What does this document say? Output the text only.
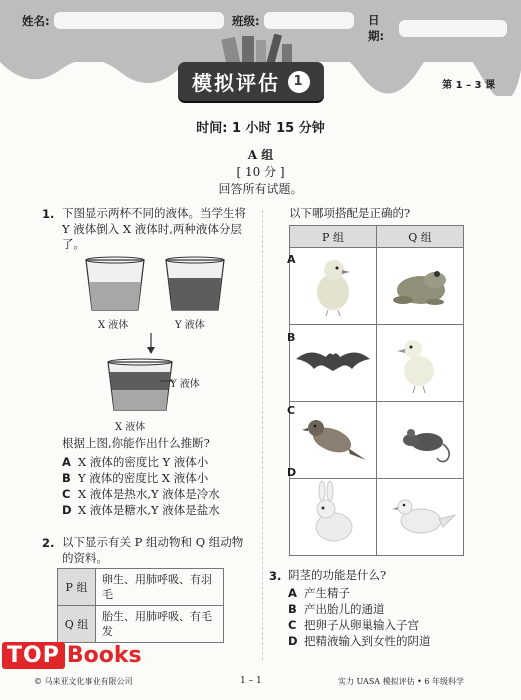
姓名:	班级:	日期:
模拟评估	1	第 1 – 3 课
时间: 1 小时 15 分钟
A 组
[ 10 分 ]
回答所有试题。
1. 下图显示两杯不同的液体。当学生将 Y 液体倒入 X 液体时,两种液体分层了。
X 液体	Y 液体
Y 液体
X 液体
根据上图,你能作出什么推断?
A X 液体的密度比 Y 液体小
B Y 液体的密度比 X 液体小
C X 液体是热水,Y 液体是冷水
D X 液体是糖水,Y 液体是盐水
2. 以下显示有关 P 组动物和 Q 组动物的资料。
P 组	卵生、用肺呼吸、有羽毛
Q 组	胎生、用肺呼吸、有毛发
以下哪项搭配是正确的?
P 组	Q 组

A
B
C
D
3. 阴茎的功能是什么?
A 产生精子
B 产出胎儿的通道
C 把卵子从卵巢输入子宫
D 把精液输入到女性的阴道
TOP Books
© 马来亚文化事业有限公司	1 – 1	实力 UASA 模拟评估 • 6 年级科学
